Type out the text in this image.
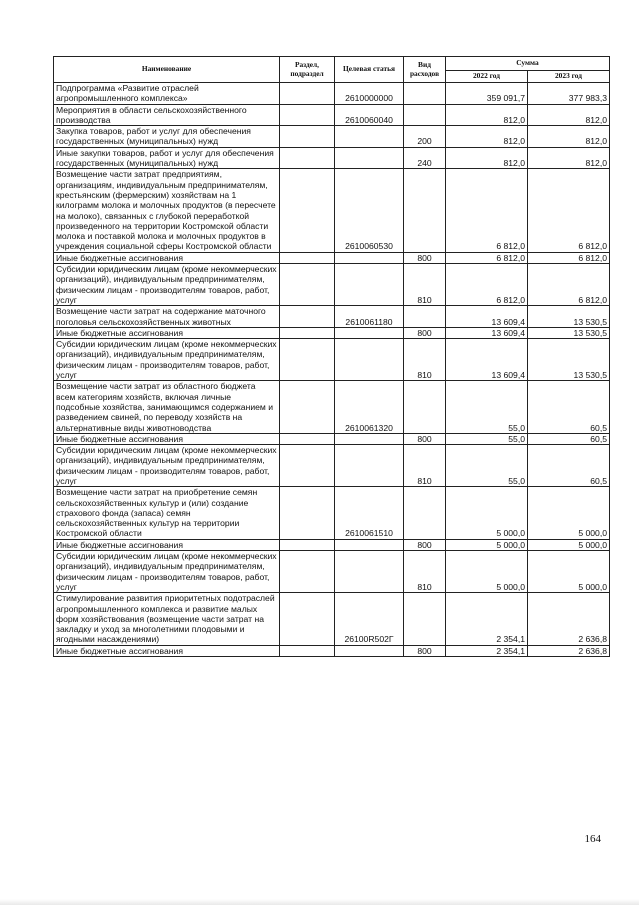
Наименование	Раздел, подраздел	Целевая статья	Вид расходов	Сумма	
				2022 год	2023 год
Подпрограмма «Развитие отраслей агропромышленного комплекса»		2610000000		359 091,7	377 983,3
Мероприятия в области сельскохозяйственного производства		2610060040		812,0	812,0
Закупка товаров, работ и услуг для обеспечения государственных (муниципальных) нужд			200	812,0	812,0
Иные закупки товаров, работ и услуг для обеспечения государственных (муниципальных) нужд			240	812,0	812,0
Возмещение части затрат предприятиям, организациям, индивидуальным предпринимателям, крестьянским (фермерским) хозяйствам на 1 килограмм молока и молочных продуктов (в пересчете на молоко), связанных с глубокой переработкой произведенного на территории Костромской области молока и поставкой молока и молочных продуктов в учреждения социальной сферы Костромской области		2610060530		6 812,0	6 812,0
Иные бюджетные ассигнования			800	6 812,0	6 812,0
Субсидии юридическим лицам (кроме некоммерческих организаций), индивидуальным предпринимателям, физическим лицам - производителям товаров, работ, услуг			810	6 812,0	6 812,0
Возмещение части затрат на содержание маточного поголовья сельскохозяйственных животных		2610061180		13 609,4	13 530,5
Иные бюджетные ассигнования			800	13 609,4	13 530,5
Субсидии юридическим лицам (кроме некоммерческих организаций), индивидуальным предпринимателям, физическим лицам - производителям товаров, работ, услуг			810	13 609,4	13 530,5
Возмещение части затрат из областного бюджета всем категориям хозяйств, включая личные подсобные хозяйства, занимающимся содержанием и разведением свиней, по переводу хозяйств на альтернативные виды животноводства		2610061320		55,0	60,5
Иные бюджетные ассигнования			800	55,0	60,5
Субсидии юридическим лицам (кроме некоммерческих организаций), индивидуальным предпринимателям, физическим лицам - производителям товаров, работ, услуг			810	55,0	60,5
Возмещение части затрат на приобретение семян сельскохозяйственных культур и (или) создание страхового фонда (запаса) семян сельскохозяйственных культур на территории Костромской области		2610061510		5 000,0	5 000,0
Иные бюджетные ассигнования			800	5 000,0	5 000,0
Субсидии юридическим лицам (кроме некоммерческих организаций), индивидуальным предпринимателям, физическим лицам - производителям товаров, работ, услуг			810	5 000,0	5 000,0
Стимулирование развития приоритетных подотраслей агропромышленного комплекса и развитие малых форм хозяйствования (возмещение части затрат на закладку и уход за многолетними плодовыми и ягодными насаждениями)		26100R502Г		2 354,1	2 636,8
Иные бюджетные ассигнования			800	2 354,1	2 636,8
164
